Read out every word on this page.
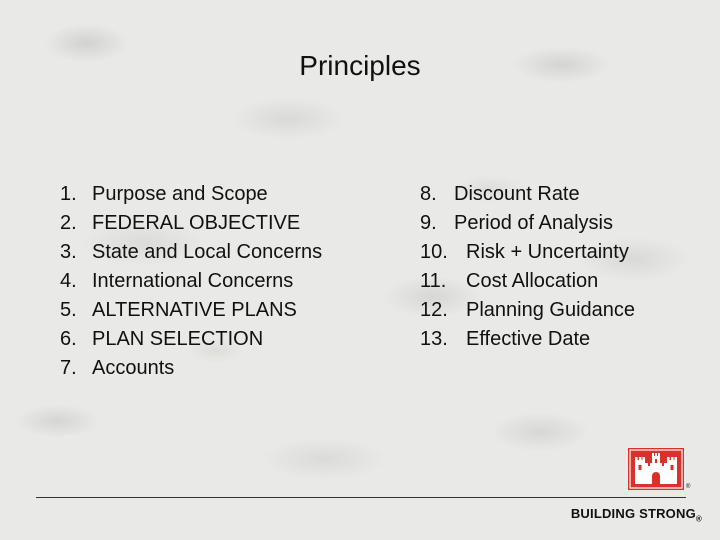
Principles
1. Purpose and Scope
2. FEDERAL OBJECTIVE
3. State and Local Concerns
4. International Concerns
5. ALTERNATIVE PLANS
6. PLAN SELECTION
7. Accounts
8. Discount Rate
9. Period of Analysis
10. Risk + Uncertainty
11. Cost Allocation
12. Planning Guidance
13. Effective Date
®
BUILDING $STRONG_®$
